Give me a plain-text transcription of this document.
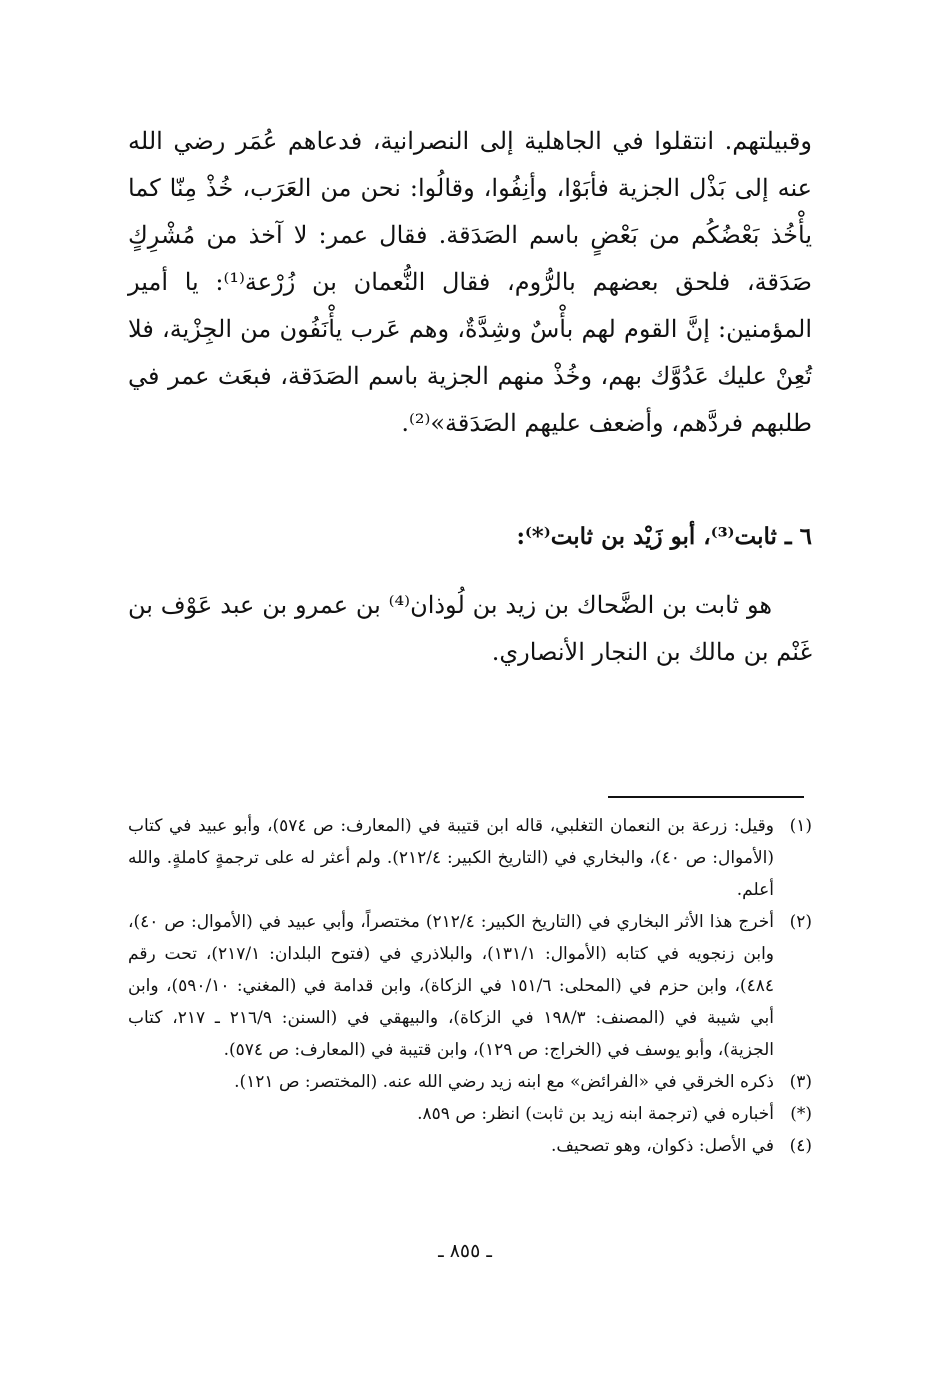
وقبيلتهم. انتقلوا في الجاهلية إلى النصرانية، فدعاهم عُمَر رضي الله عنه إلى بَذْل الجزية فأبَوْا، وأنِفُوا، وقالُوا: نحن من العَرَب، خُذْ مِنّا كما يأْخُذ بَعْضُكُم من بَعْضٍ باسم الصَدَقة. فقال عمر: لا آخذ من مُشْرِكٍ صَدَقة، فلحق بعضهم بالرُّوم، فقال النُّعمان بن زُرْعة⁽¹⁾: يا أمير المؤمنين: إنَّ القوم لهم بأْسٌ وشِدَّةٌ، وهم عَرب يأْنَفُون من الجِزْية، فلا تُعِنْ عليك عَدُوَّك بهم، وخُذْ منهم الجزية باسم الصَدَقة، فبعَث عمر في طلبهم فردَّهم، وأضعف عليهم الصَدَقة»⁽²⁾.

٦ ـ ثابت⁽³⁾، أبو زَيْد بن ثابت⁽*⁾:

هو ثابت بن الضَّحاك بن زيد بن لُوذان⁽⁴⁾ بن عمرو بن عبد عَوْف بن غَنْم بن مالك بن النجار الأنصاري.

(١)
وقيل: زرعة بن النعمان التغلبي، قاله ابن قتيبة في (المعارف: ص ٥٧٤)، وأبو عبيد في كتاب (الأموال: ص ٤٠)، والبخاري في (التاريخ الكبير: ٢١٢/٤). ولم أعثر له على ترجمةٍ كاملةٍ. والله أعلم.
(٢)
أخرج هذا الأثر البخاري في (التاريخ الكبير: ٢١٢/٤) مختصراً، وأبي عبيد في (الأموال: ص ٤٠)، وابن زنجويه في كتابه (الأموال: ١٣١/١)، والبلاذري في (فتوح البلدان: ٢١٧/١)، تحت رقم ٤٨٤)، وابن حزم في (المحلى: ١٥١/٦ في الزكاة)، وابن قدامة في (المغني: ٥٩٠/١٠)، وابن أبي شيبة في (المصنف: ١٩٨/٣ في الزكاة)، والبيهقي في (السنن: ٢١٦/٩ ـ ٢١٧، كتاب الجزية)، وأبو يوسف في (الخراج: ص ١٢٩)، وابن قتيبة في (المعارف: ص ٥٧٤).
(٣)
ذكره الخرقي في «الفرائض» مع ابنه زيد رضي الله عنه. (المختصر: ص ١٢١).
(*)
أخباره في (ترجمة ابنه زيد بن ثابت) انظر: ص ٨٥٩.
(٤)
في الأصل: ذكوان، وهو تصحيف.
ـ ٨٥٥ ـ
